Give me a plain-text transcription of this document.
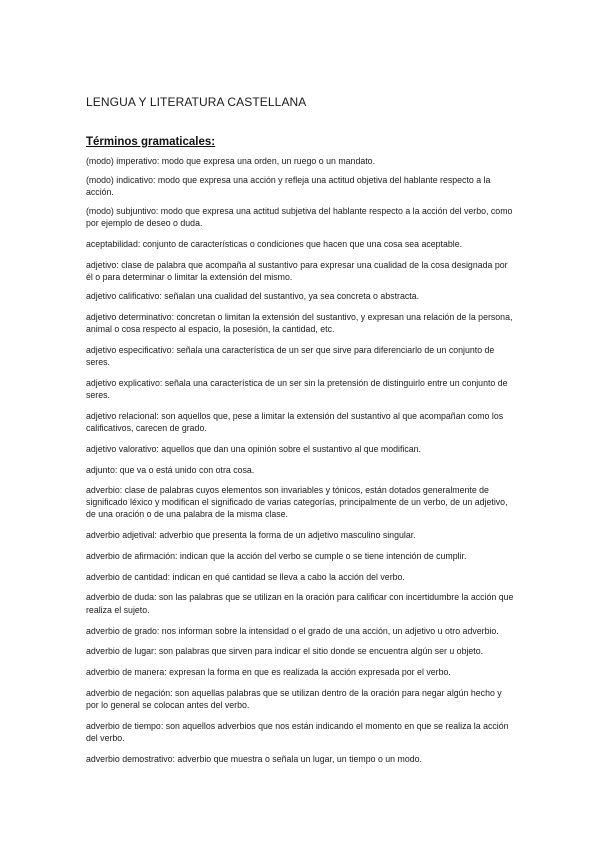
LENGUA Y LITERATURA CASTELLANA
Términos gramaticales:
(modo) imperativo: modo que expresa una orden, un ruego o un mandato.
(modo) indicativo: modo que expresa una acción y refleja una actitud objetiva del hablante respecto a la acción.
(modo) subjuntivo: modo que expresa una actitud subjetiva del hablante respecto a la acción del verbo, como por ejemplo de deseo o duda.
aceptabilidad: conjunto de características o condiciones que hacen que una cosa sea aceptable.
adjetivo: clase de palabra que acompaña al sustantivo para expresar una cualidad de la cosa designada por él o para determinar o limitar la extensión del mismo.
adjetivo calificativo: señalan una cualidad del sustantivo, ya sea concreta o abstracta.
adjetivo determinativo: concretan o limitan la extensión del sustantivo, y expresan una relación de la persona, animal o cosa respecto al espacio, la posesión, la cantidad, etc.
adjetivo especificativo: señala una característica de un ser que sirve para diferenciarlo de un conjunto de seres.
adjetivo explicativo: señala una característica de un ser sin la pretensión de distinguirlo entre un conjunto de seres.
adjetivo relacional: son aquellos que, pese a limitar la extensión del sustantivo al que acompañan como los calificativos, carecen de grado.
adjetivo valorativo: aquellos que dan una opinión sobre el sustantivo al que modifican.
adjunto: que va o está unido con otra cosa.
adverbio: clase de palabras cuyos elementos son invariables y tónicos, están dotados generalmente de significado léxico y modifican el significado de varias categorías, principalmente de un verbo, de un adjetivo, de una oración o de una palabra de la misma clase.
adverbio adjetival: adverbio que presenta la forma de un adjetivo masculino singular.
adverbio de afirmación: indican que la acción del verbo se cumple o se tiene intención de cumplir.
adverbio de cantidad: indican en qué cantidad se lleva a cabo la acción del verbo.
adverbio de duda: son las palabras que se utilizan en la oración para calificar con incertidumbre la acción que realiza el sujeto.
adverbio de grado: nos informan sobre la intensidad o el grado de una acción, un adjetivo u otro adverbio.
adverbio de lugar: son palabras que sirven para indicar el sitio donde se encuentra algún ser u objeto.
adverbio de manera: expresan la forma en que es realizada la acción expresada por el verbo.
adverbio de negación: son aquellas palabras que se utilizan dentro de la oración para negar algún hecho y por lo general se colocan antes del verbo.
adverbio de tiempo: son aquellos adverbios que nos están indicando el momento en que se realiza la acción del verbo.
adverbio demostrativo: adverbio que muestra o señala un lugar, un tiempo o un modo.
